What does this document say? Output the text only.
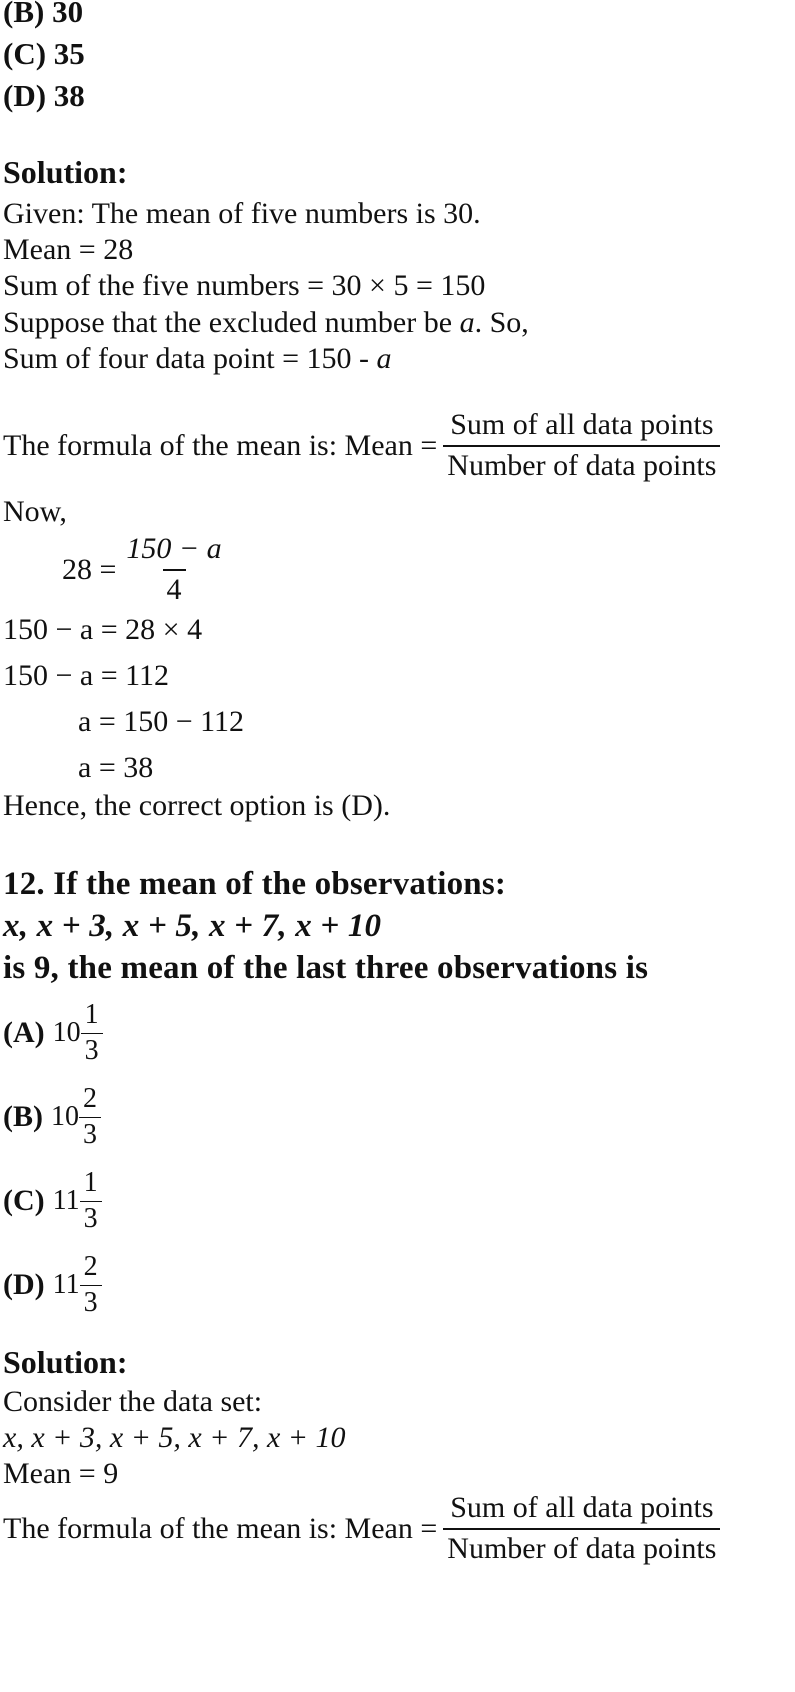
(B) 30
(C) 35
(D) 38
Solution:
Given: The mean of five numbers is 30.
Mean = 28
Sum of the five numbers = 30 × 5 = 150
Suppose that the excluded number be a. So,
Sum of four data point = 150 - a
The formula of the mean is: Mean = $\frac{\text{Sum of all data points}}{\text{Number of data points}}$
Now,
$28 = \frac{150 - a}{4}$
150 − a = 28 × 4
150 − a = 112
a = 150 − 112
a = 38
Hence, the correct option is (D).
12. If the mean of the observations:
x, x + 3, x + 5, x + 7, x + 10
is 9, the mean of the last three observations is
(A) $10 \frac{1}{3}$
(B) $10 \frac{2}{3}$
(C) $11 \frac{1}{3}$
(D) $11 \frac{2}{3}$
Solution:
Consider the data set:
x, x + 3, x + 5, x + 7, x + 10
Mean = 9
The formula of the mean is: Mean = $\frac{\text{Sum of all data points}}{\text{Number of data points}}$
